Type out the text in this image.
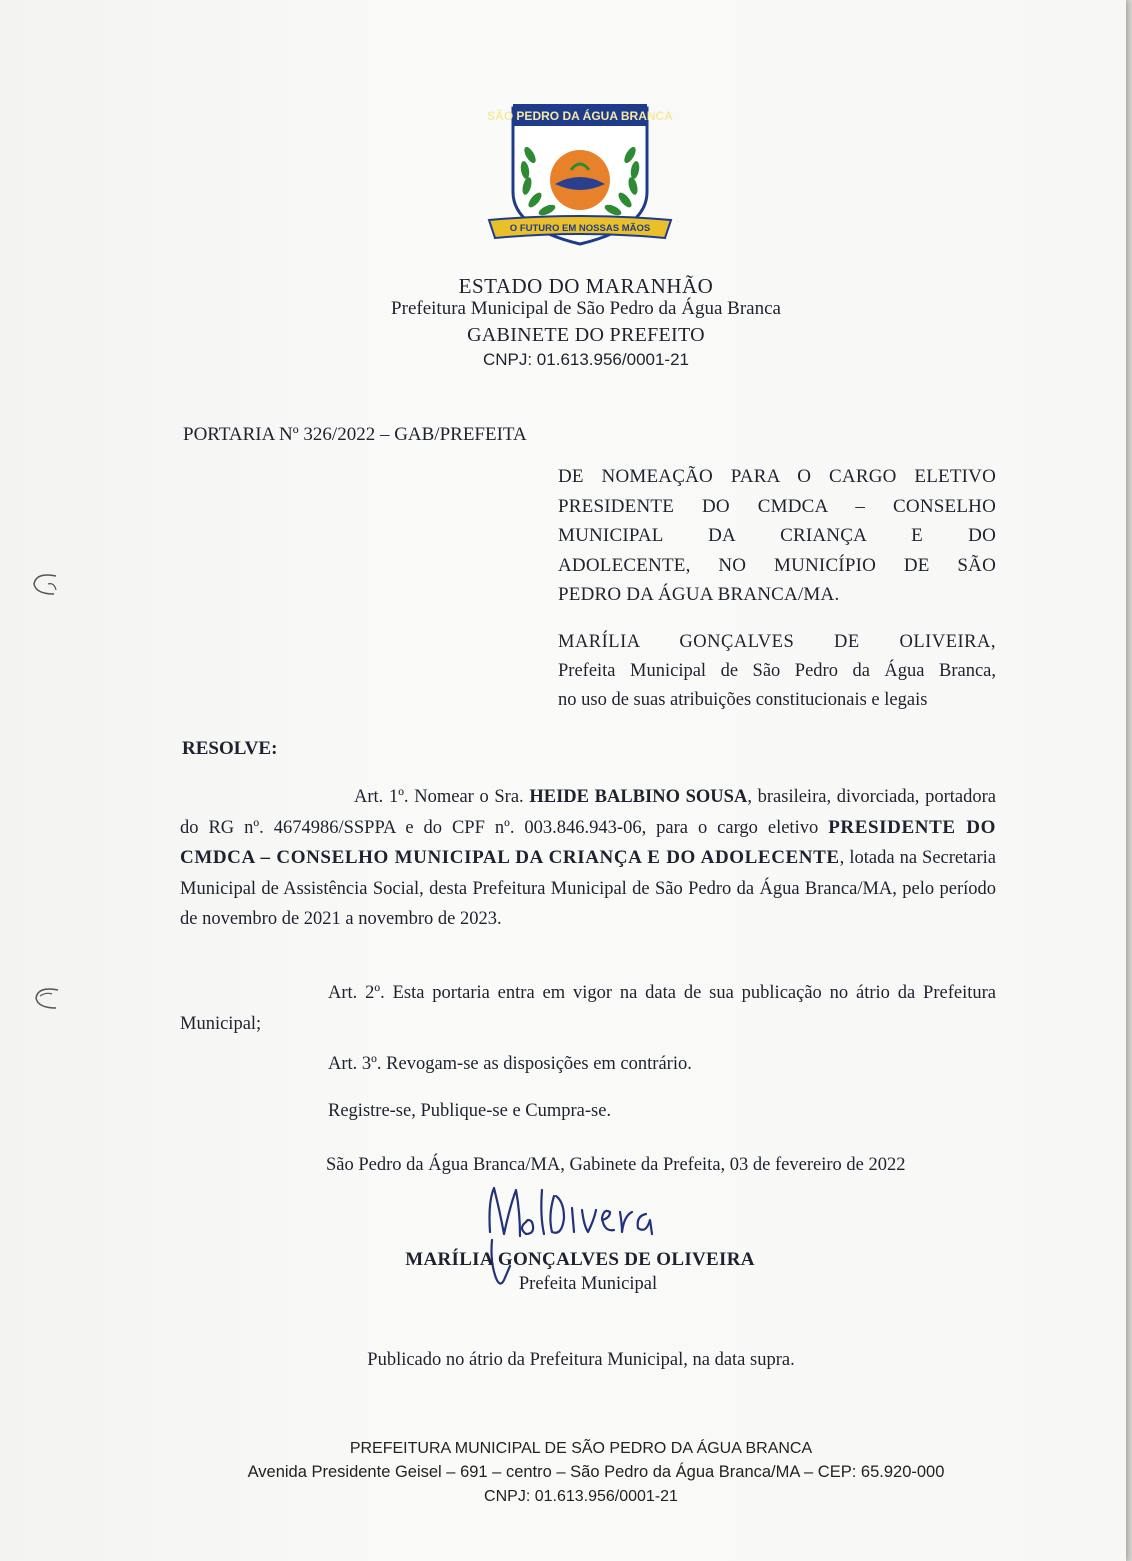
SÃO PEDRO DA ÁGUA BRANCA
O FUTURO EM NOSSAS MÃOS
ESTADO DO MARANHÃO
Prefeitura Municipal de São Pedro da Água Branca
GABINETE DO PREFEITO
CNPJ: 01.613.956/0001-21
PORTARIA Nº 326/2022 – GAB/PREFEITA
DE NOMEAÇÃO PARA O CARGO ELETIVO
PRESIDENTE DO CMDCA – CONSELHO
MUNICIPAL DA CRIANÇA E DO
ADOLECENTE, NO MUNICÍPIO DE SÃO
PEDRO DA ÁGUA BRANCA/MA.
MARÍLIA GONÇALVES DE OLIVEIRA,
Prefeita Municipal de São Pedro da Água Branca,
no uso de suas atribuições constitucionais e legais
RESOLVE:
Art. 1º. Nomear o Sra. HEIDE BALBINO SOUSA, brasileira, divorciada, portadora do RG nº. 4674986/SSPPA e do CPF nº. 003.846.943-06, para o cargo eletivo PRESIDENTE DO CMDCA – CONSELHO MUNICIPAL DA CRIANÇA E DO ADOLECENTE, lotada na Secretaria Municipal de Assistência Social, desta Prefeitura Municipal de São Pedro da Água Branca/MA, pelo período de novembro de 2021 a novembro de 2023.
Art. 2º. Esta portaria entra em vigor na data de sua publicação no átrio da Prefeitura Municipal;
Art. 3º. Revogam-se as disposições em contrário.
Registre-se, Publique-se e Cumpra-se.
São Pedro da Água Branca/MA, Gabinete da Prefeita, 03 de fevereiro de 2022
MARÍLIA GONÇALVES DE OLIVEIRA
Prefeita Municipal
Publicado no átrio da Prefeitura Municipal, na data supra.
PREFEITURA MUNICIPAL DE SÃO PEDRO DA ÁGUA BRANCA
Avenida Presidente Geisel – 691 – centro – São Pedro da Água Branca/MA – CEP: 65.920-000
CNPJ: 01.613.956/0001-21
